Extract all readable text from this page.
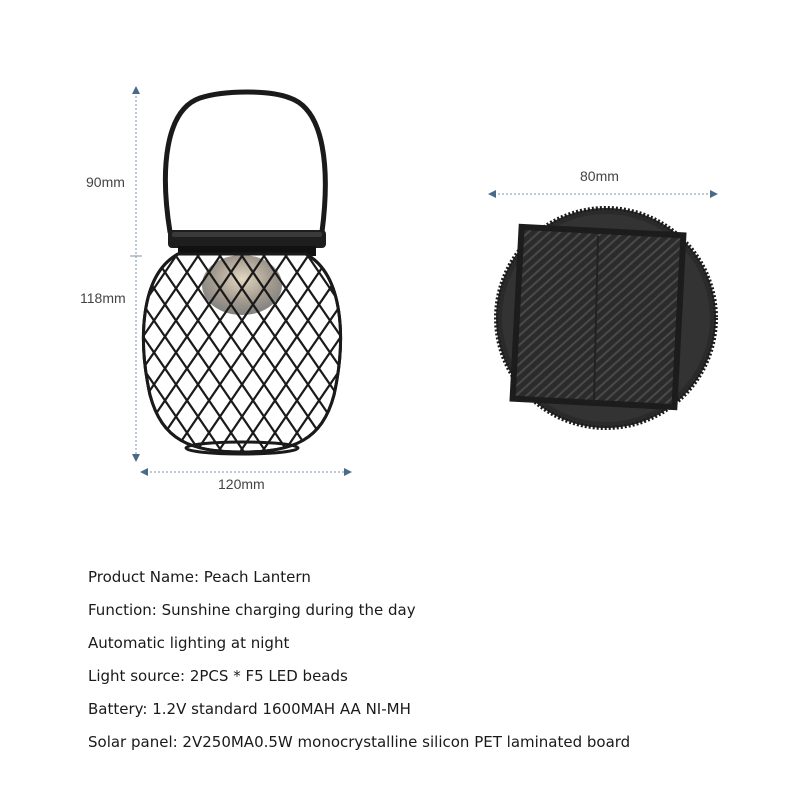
90mm
118mm
120mm
80mm
Product Name: Peach Lantern
Function: Sunshine charging during the day
Automatic lighting at night
Light source: 2PCS * F5 LED beads
Battery: 1.2V standard 1600MAH AA NI-MH
Solar panel: 2V250MA0.5W monocrystalline silicon PET laminated board
